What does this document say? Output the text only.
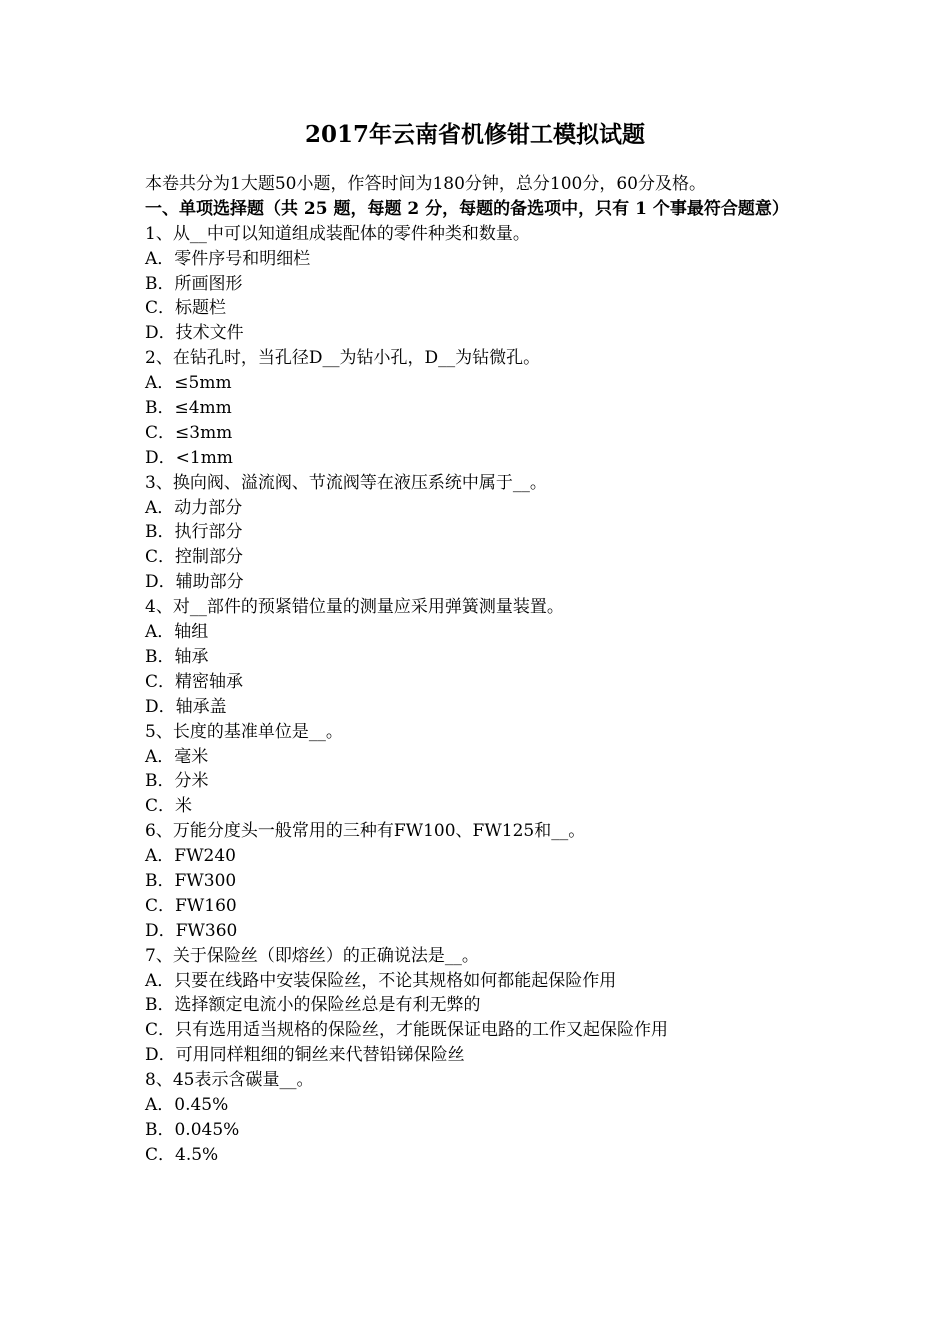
2017年云南省机修钳工模拟试题
本卷共分为1大题50小题，作答时间为180分钟，总分100分，60分及格。
一、单项选择题（共 25 题，每题 2 分，每题的备选项中，只有 1 个事最符合题意）
1、从__中可以知道组成装配体的零件种类和数量。
A．零件序号和明细栏
B．所画图形
C．标题栏
D．技术文件
2、在钻孔时，当孔径D__为钻小孔，D__为钻微孔。
A．≤5mm
B．≤4mm
C．≤3mm
D．<1mm
3、换向阀、溢流阀、节流阀等在液压系统中属于__。
A．动力部分
B．执行部分
C．控制部分
D．辅助部分
4、对__部件的预紧错位量的测量应采用弹簧测量装置。
A．轴组
B．轴承
C．精密轴承
D．轴承盖
5、长度的基准单位是__。
A．毫米
B．分米
C．米
6、万能分度头一般常用的三种有FW100、FW125和__。
A．FW240
B．FW300
C．FW160
D．FW360
7、关于保险丝（即熔丝）的正确说法是__。
A．只要在线路中安装保险丝，不论其规格如何都能起保险作用
B．选择额定电流小的保险丝总是有利无弊的
C．只有选用适当规格的保险丝，才能既保证电路的工作又起保险作用
D．可用同样粗细的铜丝来代替铅锑保险丝
8、45表示含碳量__。
A．0.45%
B．0.045%
C．4.5%
